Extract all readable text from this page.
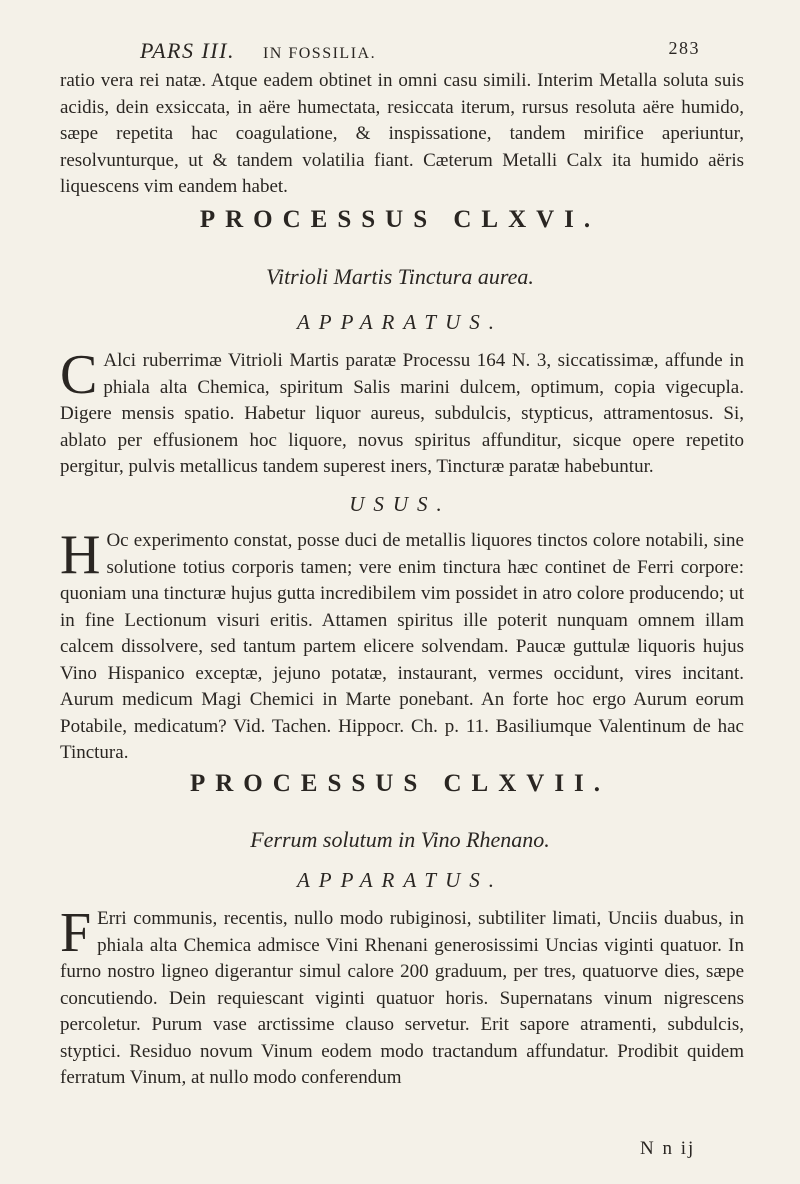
PARS III. IN FOSSILIA.	283
ratio vera rei natæ. Atque eadem obtinet in omni casu simili. Interim Metalla soluta suis acidis, dein exsiccata, in aëre humectata, resiccata iterum, rursus resoluta aëre humido, sæpe repetita hac coagulatione, & inspissatione, tandem mirifice aperiuntur, resolvunturque, ut & tandem volatilia fiant. Cæterum Metalli Calx ita humido aëris liquescens vim eandem habet.
PROCESSUS CLXVI.
Vitrioli Martis Tinctura aurea.
APPARATUS.
C Alci ruberrimæ Vitrioli Martis paratæ Processu 164 N. 3, siccatissimæ, affunde in phiala alta Chemica, spiritum Salis marini dulcem, optimum, copia vigecupla. Digere mensis spatio. Habetur liquor aureus, subdulcis, stypticus, attramentosus. Si, ablato per effusionem hoc liquore, novus spiritus affunditur, sicque opere repetito pergitur, pulvis metallicus tandem superest iners, Tincturæ paratæ habebuntur.
USUS.
H Oc experimento constat, posse duci de metallis liquores tinctos colore notabili, sine solutione totius corporis tamen; vere enim tinctura hæc continet de Ferri corpore: quoniam una tincturæ hujus gutta incredibilem vim possidet in atro colore producendo; ut in fine Lectionum visuri eritis. Attamen spiritus ille poterit nunquam omnem illam calcem dissolvere, sed tantum partem elicere solvendam. Paucæ guttulæ liquoris hujus Vino Hispanico exceptæ, jejuno potatæ, instaurant, vermes occidunt, vires incitant. Aurum medicum Magi Chemici in Marte ponebant. An forte hoc ergo Aurum eorum Potabile, medicatum? Vid. Tachen. Hippocr. Ch. p. 11. Basiliumque Valentinum de hac Tinctura.
PROCESSUS CLXVII.
Ferrum solutum in Vino Rhenano.
APPARATUS.
F Erri communis, recentis, nullo modo rubiginosi, subtiliter limati, Unciis duabus, in phiala alta Chemica admisce Vini Rhenani generosissimi Uncias viginti quatuor. In furno nostro ligneo digerantur simul calore 200 graduum, per tres, quatuorve dies, sæpe concutiendo. Dein requiescant viginti quatuor horis. Supernatans vinum nigrescens percoletur. Purum vase arctissime clauso servetur. Erit sapore atramenti, subdulcis, styptici. Residuo novum Vinum eodem modo tractandum affundatur. Prodibit quidem ferratum Vinum, at nullo modo conferendum
N n ij
